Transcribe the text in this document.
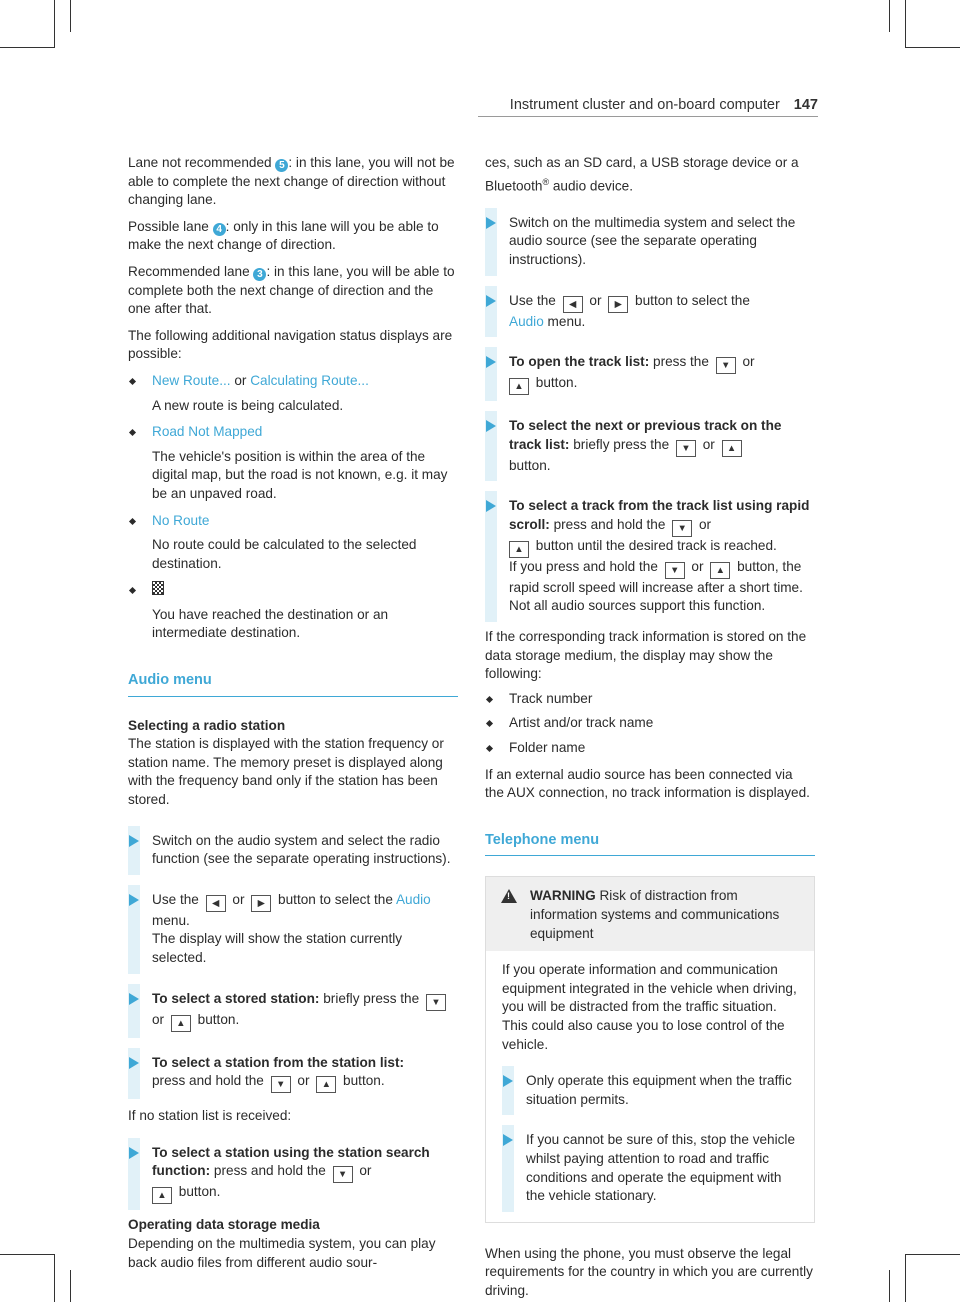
Instrument cluster and on-board computer 147

Lane not recommended 5 : in this lane, you will not be able to complete the next change of direction without changing lane.

Possible lane 4 : only in this lane will you be able to make the next change of direction.

Recommended lane 3 : in this lane, you will be able to complete both the next change of direction and the one after that.

The following additional navigation status displays are possible:

New Route... or Calculating Route...

A new route is being calculated.

Road Not Mapped

The vehicle's position is within the area of the digital map, but the road is not known, e.g. it may be an unpaved road.

No Route

No route could be calculated to the selected destination.

You have reached the destination or an intermediate destination.

Audio menu

Selecting a radio station

The station is displayed with the station frequency or station name. The memory preset is displayed along with the frequency band only if the station has been stored.

Switch on the audio system and select the radio function (see the separate operating instructions).
Use the ◀ or ▶ button to select the Audio menu.

The display will show the station currently selected.

To select a stored station: briefly press the ▼ or ▲ button.
To select a station from the station list:
press and hold the ▼ or ▲ button.

If no station list is received:

To select a station using the station search function: press and hold the ▼ or
▲ button.

Operating data storage media

Depending on the multimedia system, you can play back audio files from different audio sour-

ces, such as an SD card, a USB storage device or a Bluetooth® audio device.

Switch on the multimedia system and select the audio source (see the separate operating instructions).
Use the ◀ or ▶ button to select the
Audio menu.
To open the track list: press the ▼ or
▲ button.
To select the next or previous track on the track list: briefly press the ▼ or ▲
button.
To select a track from the track list using rapid scroll: press and hold the ▼ or
▲ button until the desired track is reached.

If you press and hold the ▼ or ▲ button, the rapid scroll speed will increase after a short time. Not all audio sources support this function.

If the corresponding track information is stored on the data storage medium, the display may show the following:

Track number
Artist and/or track name
Folder name

If an external audio source has been connected via the AUX connection, no track information is displayed.

Telephone menu
!
WARNING Risk of distraction from information systems and communications equipment

If you operate information and communication equipment integrated in the vehicle when driving, you will be distracted from the traffic situation. This could also cause you to lose control of the vehicle.

Only operate this equipment when the traffic situation permits.
If you cannot be sure of this, stop the vehicle whilst paying attention to road and traffic conditions and operate the equipment with the vehicle stationary.

When using the phone, you must observe the legal requirements for the country in which you are currently driving.
